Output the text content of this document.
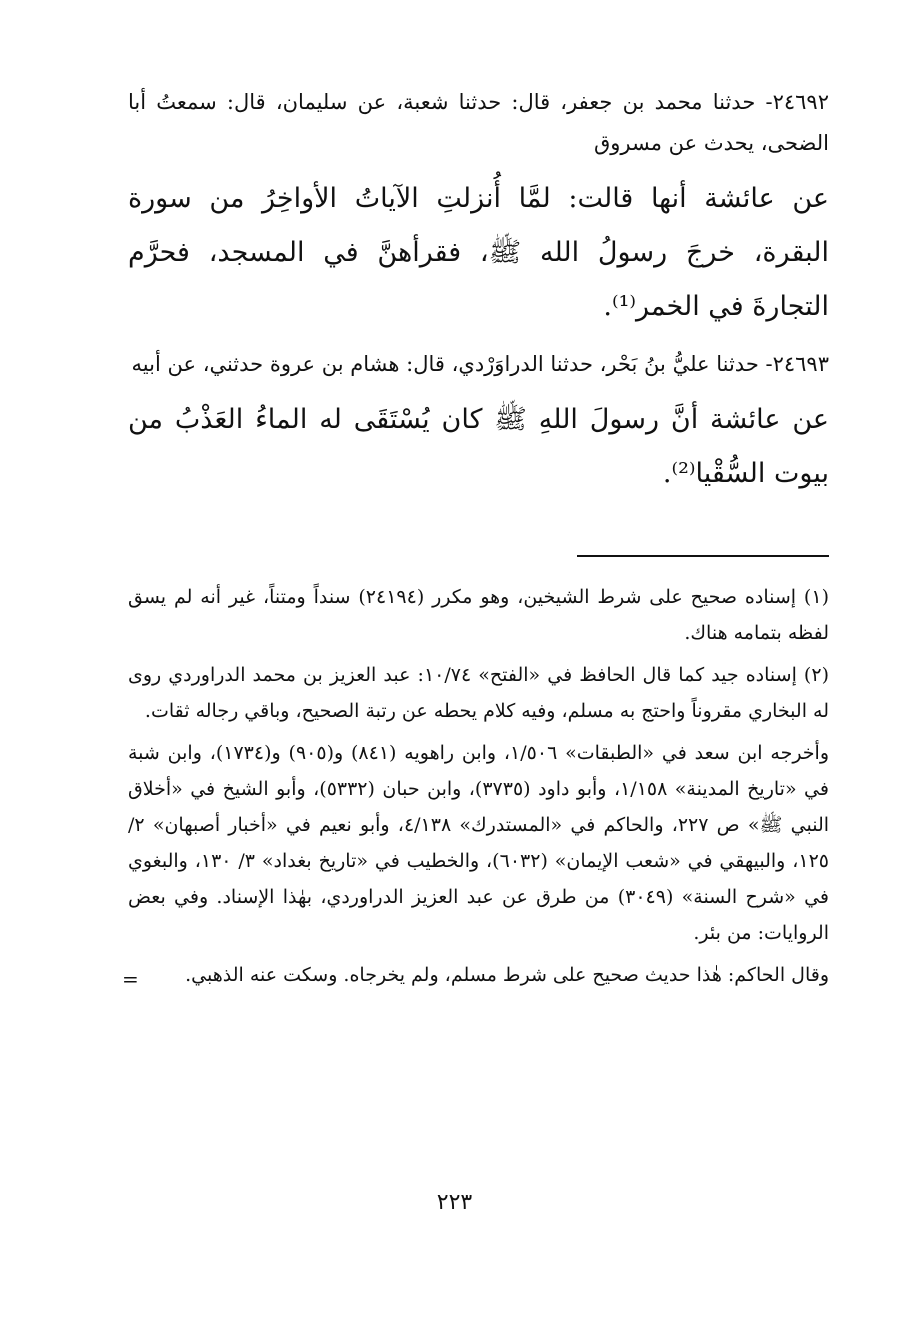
٢٤٦٩٢- حدثنا محمد بن جعفر، قال: حدثنا شعبة، عن سليمان، قال: سمعتُ أبا الضحى، يحدث عن مسروق

عن عائشة أنها قالت: لمَّا أُنزلتِ الآياتُ الأواخِرُ من سورة البقرة، خرجَ رسولُ الله ﷺ، فقرأهنَّ في المسجد، فحرَّم التجارةَ في الخمر⁽¹⁾.

٢٤٦٩٣- حدثنا عليُّ بنُ بَحْر، حدثنا الدراوَرْدي، قال: هشام بن عروة حدثني، عن أبيه

عن عائشة أنَّ رسولَ اللهِ ﷺ كان يُسْتَقَى له الماءُ العَذْبُ من بيوت السُّقْيا⁽²⁾.

(١) إسناده صحيح على شرط الشيخين، وهو مكرر (٢٤١٩٤) سنداً ومتناً، غير أنه لم يسق لفظه بتمامه هناك.

(٢) إسناده جيد كما قال الحافظ في «الفتح» ١٠/٧٤: عبد العزيز بن محمد الدراوردي روى له البخاري مقروناً واحتج به مسلم، وفيه كلام يحطه عن رتبة الصحيح، وباقي رجاله ثقات.

وأخرجه ابن سعد في «الطبقات» ١/٥٠٦، وابن راهويه (٨٤١) و(٩٠٥) و(١٧٣٤)، وابن شبة في «تاريخ المدينة» ١/١٥٨، وأبو داود (٣٧٣٥)، وابن حبان (٥٣٣٢)، وأبو الشيخ في «أخلاق النبي ﷺ» ص ٢٢٧، والحاكم في «المستدرك» ٤/١٣٨، وأبو نعيم في «أخبار أصبهان» ٢/ ١٢٥، والبيهقي في «شعب الإيمان» (٦٠٣٢)، والخطيب في «تاريخ بغداد» ٣/ ١٣٠، والبغوي في «شرح السنة» (٣٠٤٩) من طرق عن عبد العزيز الدراوردي، بهٰذا الإسناد. وفي بعض الروايات: من بئر.

وقال الحاكم: هٰذا حديث صحيح على شرط مسلم، ولم يخرجاه. وسكت عنه الذهبي.

=
٢٢٣
